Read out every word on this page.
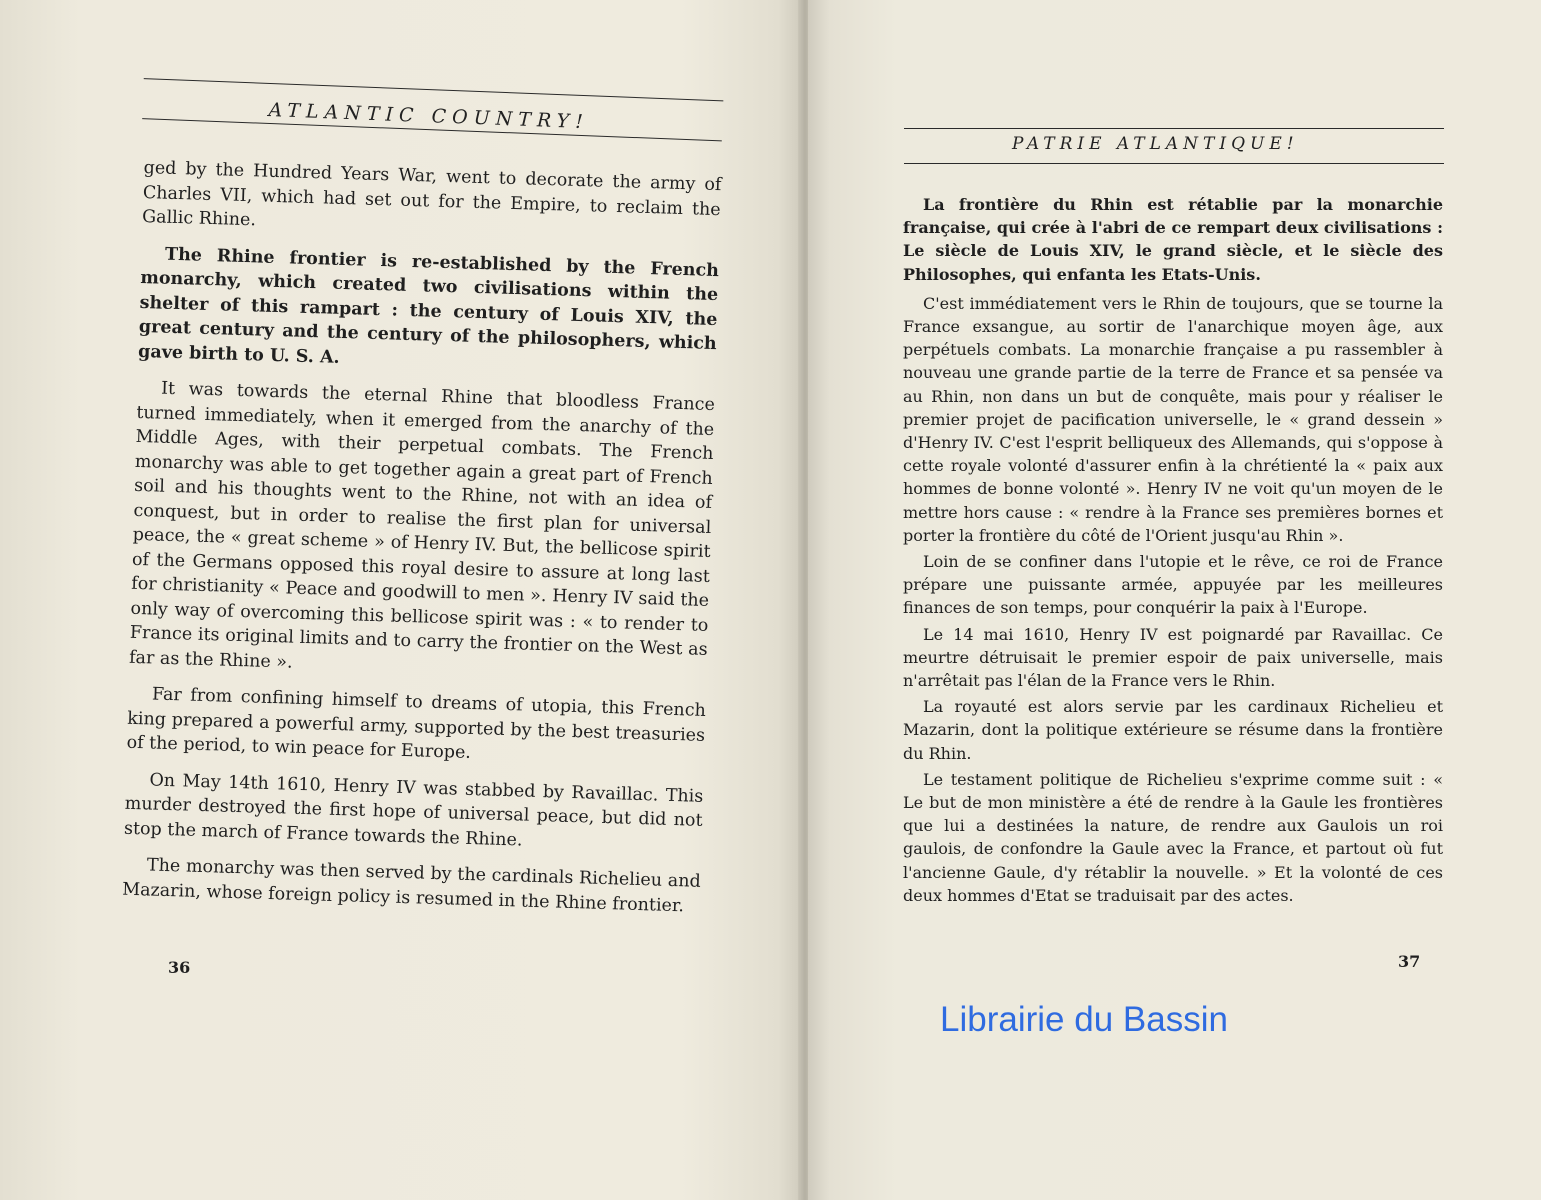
ATLANTIC COUNTRY!

ged by the Hundred Years War, went to decorate the army of Charles VII, which had set out for the Empire, to reclaim the Gallic Rhine.

The Rhine frontier is re-established by the French monarchy, which created two civilisations within the shelter of this rampart : the century of Louis XIV, the great century and the century of the philosophers, which gave birth to U. S. A.

It was towards the eternal Rhine that bloodless France turned immediately, when it emerged from the anarchy of the Middle Ages, with their perpetual combats. The French monarchy was able to get together again a great part of French soil and his thoughts went to the Rhine, not with an idea of conquest, but in order to realise the first plan for universal peace, the « great scheme » of Henry IV. But, the bellicose spirit of the Germans opposed this royal desire to assure at long last for christianity « Peace and goodwill to men ». Henry IV said the only way of overcoming this bellicose spirit was : « to render to France its original limits and to carry the frontier on the West as far as the Rhine ».

Far from confining himself to dreams of utopia, this French king prepared a powerful army, supported by the best treasuries of the period, to win peace for Europe.

On May 14th 1610, Henry IV was stabbed by Ravaillac. This murder destroyed the first hope of universal peace, but did not stop the march of France towards the Rhine.

The monarchy was then served by the cardinals Richelieu and Mazarin, whose foreign policy is resumed in the Rhine frontier.

36
PATRIE ATLANTIQUE!
37

La frontière du Rhin est rétablie par la monarchie française, qui crée à l'abri de ce rempart deux civilisations : Le siècle de Louis XIV, le grand siècle, et le siècle des Philosophes, qui enfanta les Etats-Unis.

C'est immédiatement vers le Rhin de toujours, que se tourne la France exsangue, au sortir de l'anarchique moyen âge, aux perpétuels combats. La monarchie française a pu rassembler à nouveau une grande partie de la terre de France et sa pensée va au Rhin, non dans un but de conquête, mais pour y réaliser le premier projet de pacification universelle, le « grand dessein » d'Henry IV. C'est l'esprit belliqueux des Allemands, qui s'oppose à cette royale volonté d'assurer enfin à la chrétienté la « paix aux hommes de bonne volonté ». Henry IV ne voit qu'un moyen de le mettre hors cause : « rendre à la France ses premières bornes et porter la frontière du côté de l'Orient jusqu'au Rhin ».

Loin de se confiner dans l'utopie et le rêve, ce roi de France prépare une puissante armée, appuyée par les meilleures finances de son temps, pour conquérir la paix à l'Europe.

Le 14 mai 1610, Henry IV est poignardé par Ravaillac. Ce meurtre détruisait le premier espoir de paix universelle, mais n'arrêtait pas l'élan de la France vers le Rhin.

La royauté est alors servie par les cardinaux Richelieu et Mazarin, dont la politique extérieure se résume dans la frontière du Rhin.

Le testament politique de Richelieu s'exprime comme suit : « Le but de mon ministère a été de rendre à la Gaule les frontières que lui a destinées la nature, de rendre aux Gaulois un roi gaulois, de confondre la Gaule avec la France, et partout où fut l'ancienne Gaule, d'y rétablir la nouvelle. » Et la volonté de ces deux hommes d'Etat se traduisait par des actes.

Librairie du Bassin
